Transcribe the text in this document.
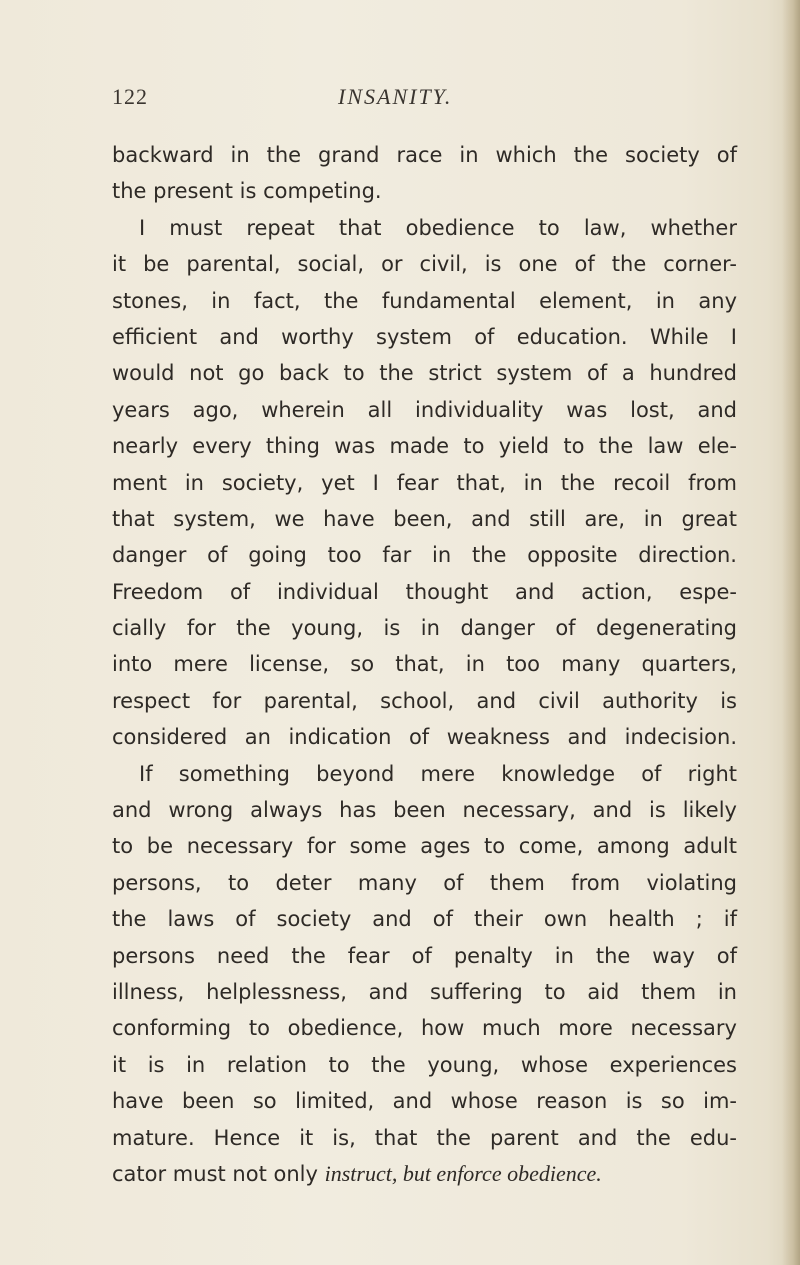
122	INSANITY.
backward in the grand race in which the society of
the present is competing.
I must repeat that obedience to law, whether
it be parental, social, or civil, is one of the corner-
stones, in fact, the fundamental element, in any
efficient and worthy system of education. While I
would not go back to the strict system of a hundred
years ago, wherein all individuality was lost, and
nearly every thing was made to yield to the law ele-
ment in society, yet I fear that, in the recoil from
that system, we have been, and still are, in great
danger of going too far in the opposite direction.
Freedom of individual thought and action, espe-
cially for the young, is in danger of degenerating
into mere license, so that, in too many quarters,
respect for parental, school, and civil authority is
considered an indication of weakness and indecision.
If something beyond mere knowledge of right
and wrong always has been necessary, and is likely
to be necessary for some ages to come, among adult
persons, to deter many of them from violating
the laws of society and of their own health ; if
persons need the fear of penalty in the way of
illness, helplessness, and suffering to aid them in
conforming to obedience, how much more necessary
it is in relation to the young, whose experiences
have been so limited, and whose reason is so im-
mature. Hence it is, that the parent and the edu-
cator must not only instruct, but enforce obedience.
